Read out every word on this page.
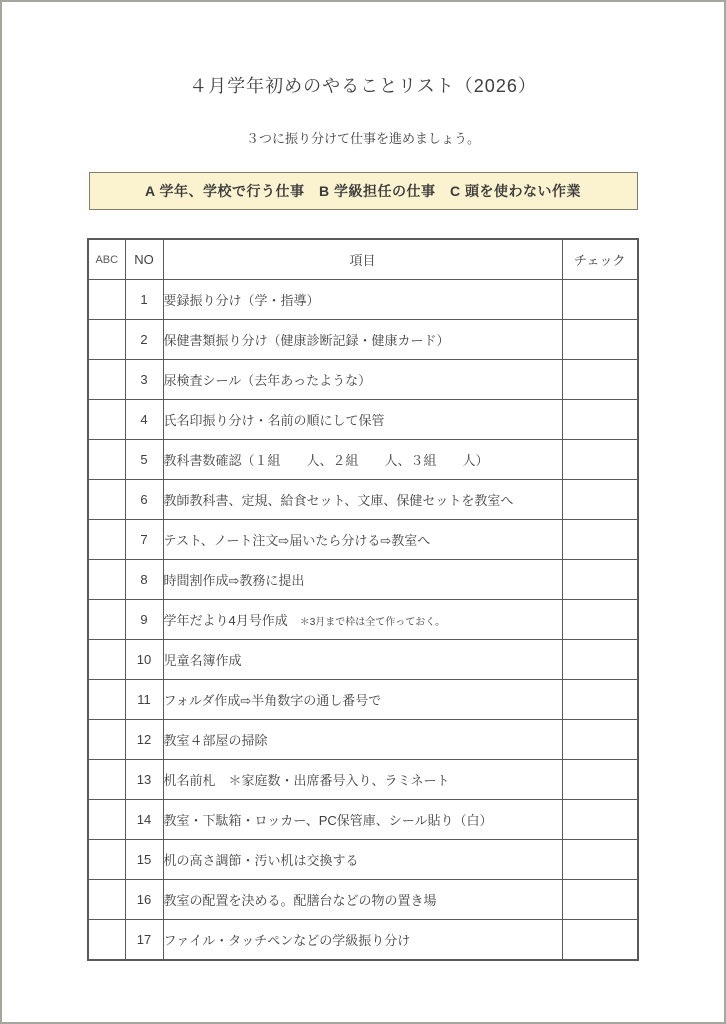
４月学年初めのやることリスト（2026）

３つに振り分けて仕事を進めましょう。

A 学年、学校で行う仕事　B 学級担任の仕事　C 頭を使わない作業
ABC	NO	項目	チェック
	1	要録振り分け（学・指導）	
	2	保健書類振り分け（健康診断記録・健康カード）	
	3	尿検査シール（去年あったような）	
	4	氏名印振り分け・名前の順にして保管	
	5	教科書数確認（１組　　人、２組　　人、３組　　人）	
	6	教師教科書、定規、給食セット、文庫、保健セットを教室へ	
	7	テスト、ノート注文⇨届いたら分ける⇨教室へ	
	8	時間割作成⇨教務に提出	
	9	学年だより4月号作成 ＊3月まで枠は全て作っておく。	
	10	児童名簿作成	
	11	フォルダ作成⇨半角数字の通し番号で	
	12	教室４部屋の掃除	
	13	机名前札　＊家庭数・出席番号入り、ラミネート	
	14	教室・下駄箱・ロッカー、PC保管庫、シール貼り（白）	
	15	机の高さ調節・汚い机は交換する	
	16	教室の配置を決める。配膳台などの物の置き場	
	17	ファイル・タッチペンなどの学級振り分け	
